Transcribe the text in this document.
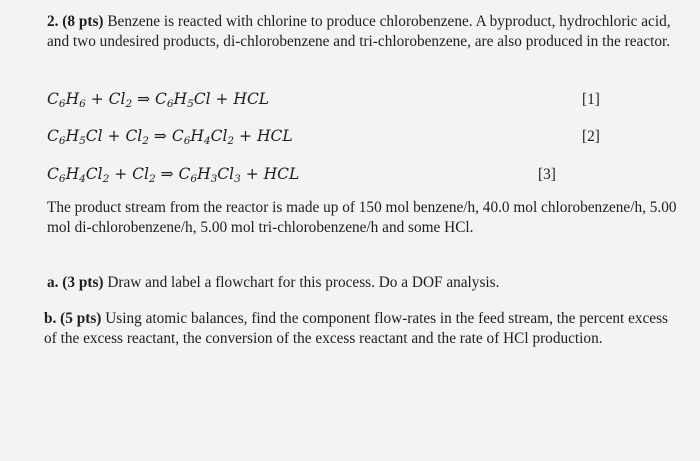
2. (8 pts) Benzene is reacted with chlorine to produce chlorobenzene. A byproduct, hydrochloric acid, and two undesired products, di-chlorobenzene and tri-chlorobenzene, are also produced in the reactor.
$C_6H_6 + Cl_2$ ⇒ $C_6H_5Cl$ + HCL	[1]
$C_6H_5Cl + Cl_2$ ⇒ $C_6H_4Cl_2$ + HCL	[2]
$C_6H_4Cl_2 + Cl_2$ ⇒ $C_6H_3Cl_3$ + HCL	[3]
The product stream from the reactor is made up of 150 mol benzene/h, 40.0 mol chlorobenzene/h, 5.00 mol di-chlorobenzene/h, 5.00 mol tri-chlorobenzene/h and some HCl.
a. (3 pts) Draw and label a flowchart for this process. Do a DOF analysis.
b. (5 pts) Using atomic balances, find the component flow-rates in the feed stream, the percent excess of the excess reactant, the conversion of the excess reactant and the rate of HCl production.
